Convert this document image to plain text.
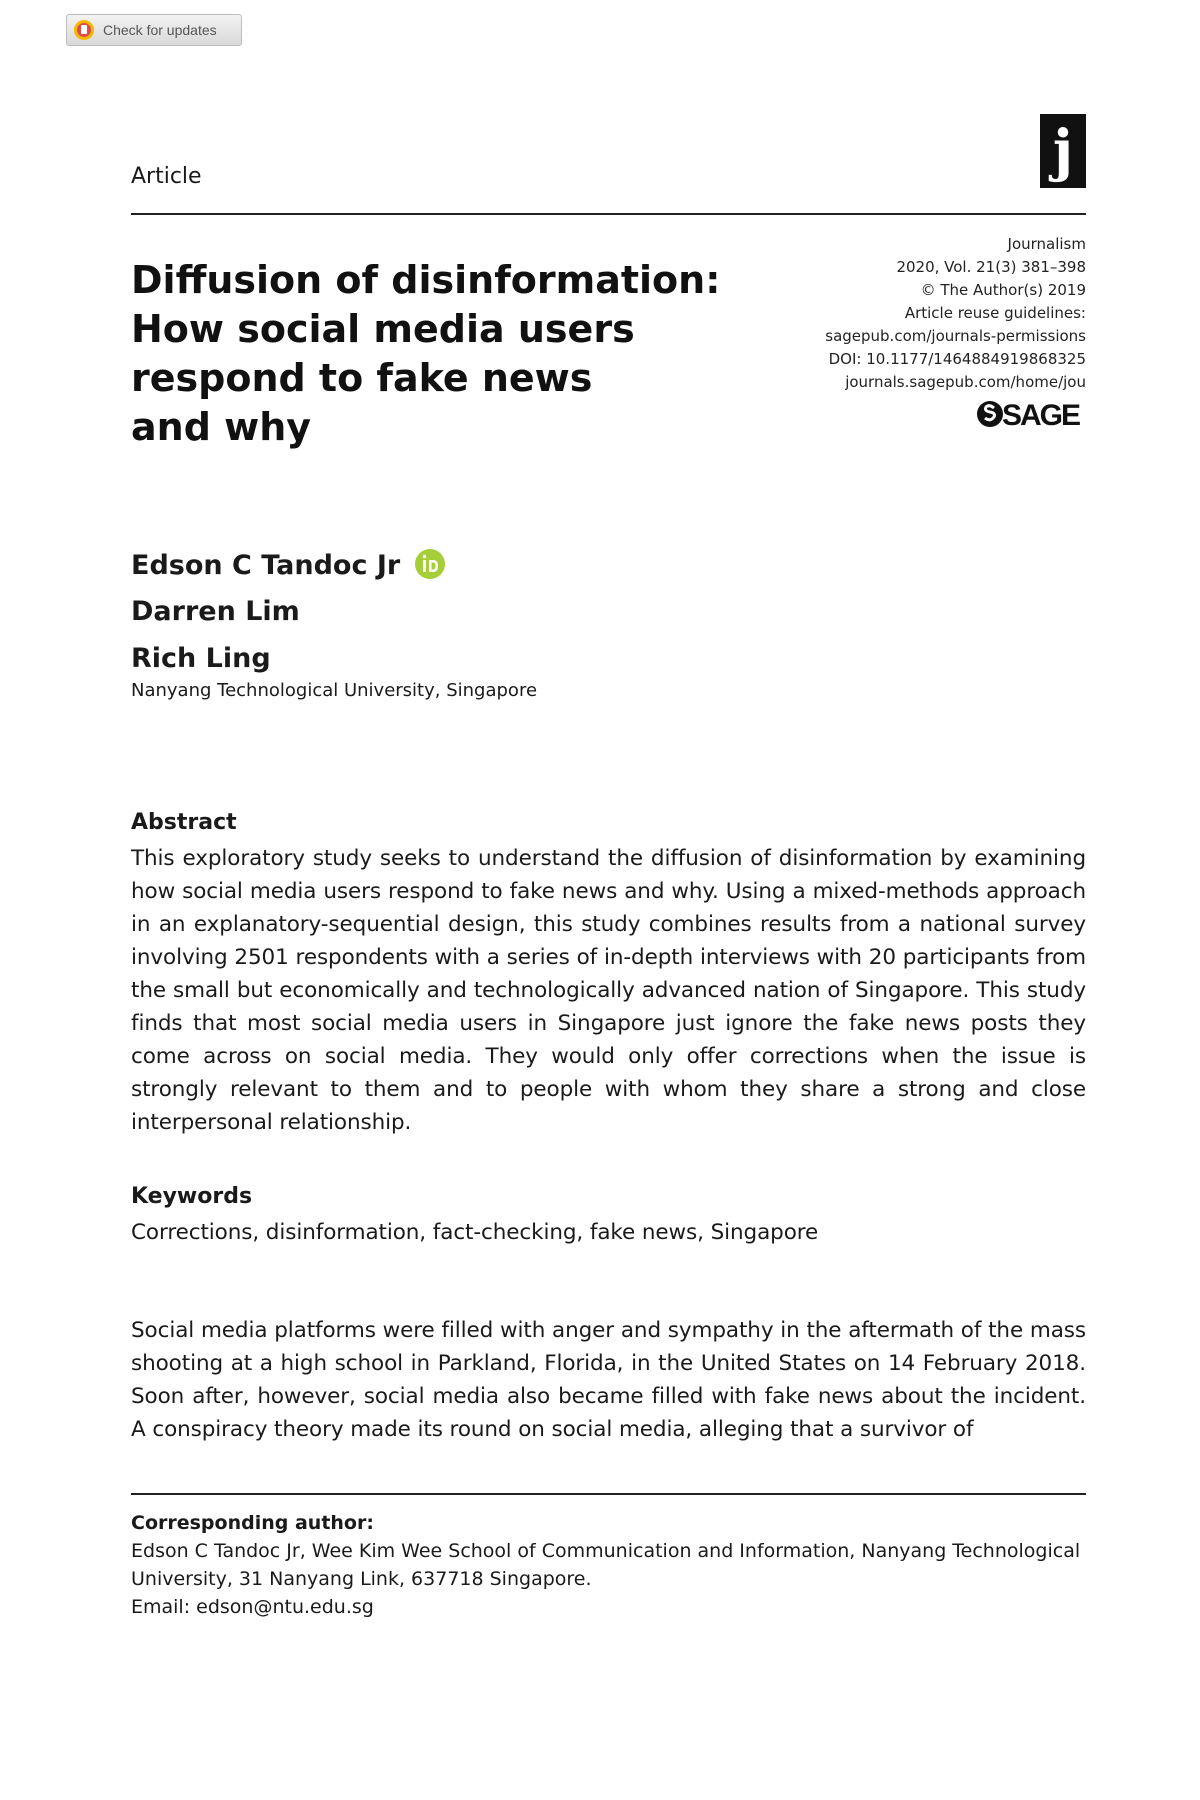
Check for updates
Article	j
Diffusion of disinformation:
How social media users
respond to fake news
and why
Journalism
2020, Vol. 21(3) 381–398
© The Author(s) 2019
Article reuse guidelines:
sagepub.com/journals-permissions
DOI: 10.1177/1464884919868325
journals.sagepub.com/home/jou
SAGE
Edson C Tandoc Jr
Darren Lim
Rich Ling
Nanyang Technological University, Singapore
Abstract

This exploratory study seeks to understand the diffusion of disinformation by examining how social media users respond to fake news and why. Using a mixed-methods approach in an explanatory-sequential design, this study combines results from a national survey involving 2501 respondents with a series of in-depth interviews with 20 participants from the small but economically and technologically advanced nation of Singapore. This study finds that most social media users in Singapore just ignore the fake news posts they come across on social media. They would only offer corrections when the issue is strongly relevant to them and to people with whom they share a strong and close interpersonal relationship.

Keywords

Corrections, disinformation, fact-checking, fake news, Singapore

Social media platforms were filled with anger and sympathy in the aftermath of the mass shooting at a high school in Parkland, Florida, in the United States on 14 February 2018. Soon after, however, social media also became filled with fake news about the incident. A conspiracy theory made its round on social media, alleging that a survivor of

Corresponding author:
Edson C Tandoc Jr, Wee Kim Wee School of Communication and Information, Nanyang Technological
University, 31 Nanyang Link, 637718 Singapore.
Email: edson@ntu.edu.sg
